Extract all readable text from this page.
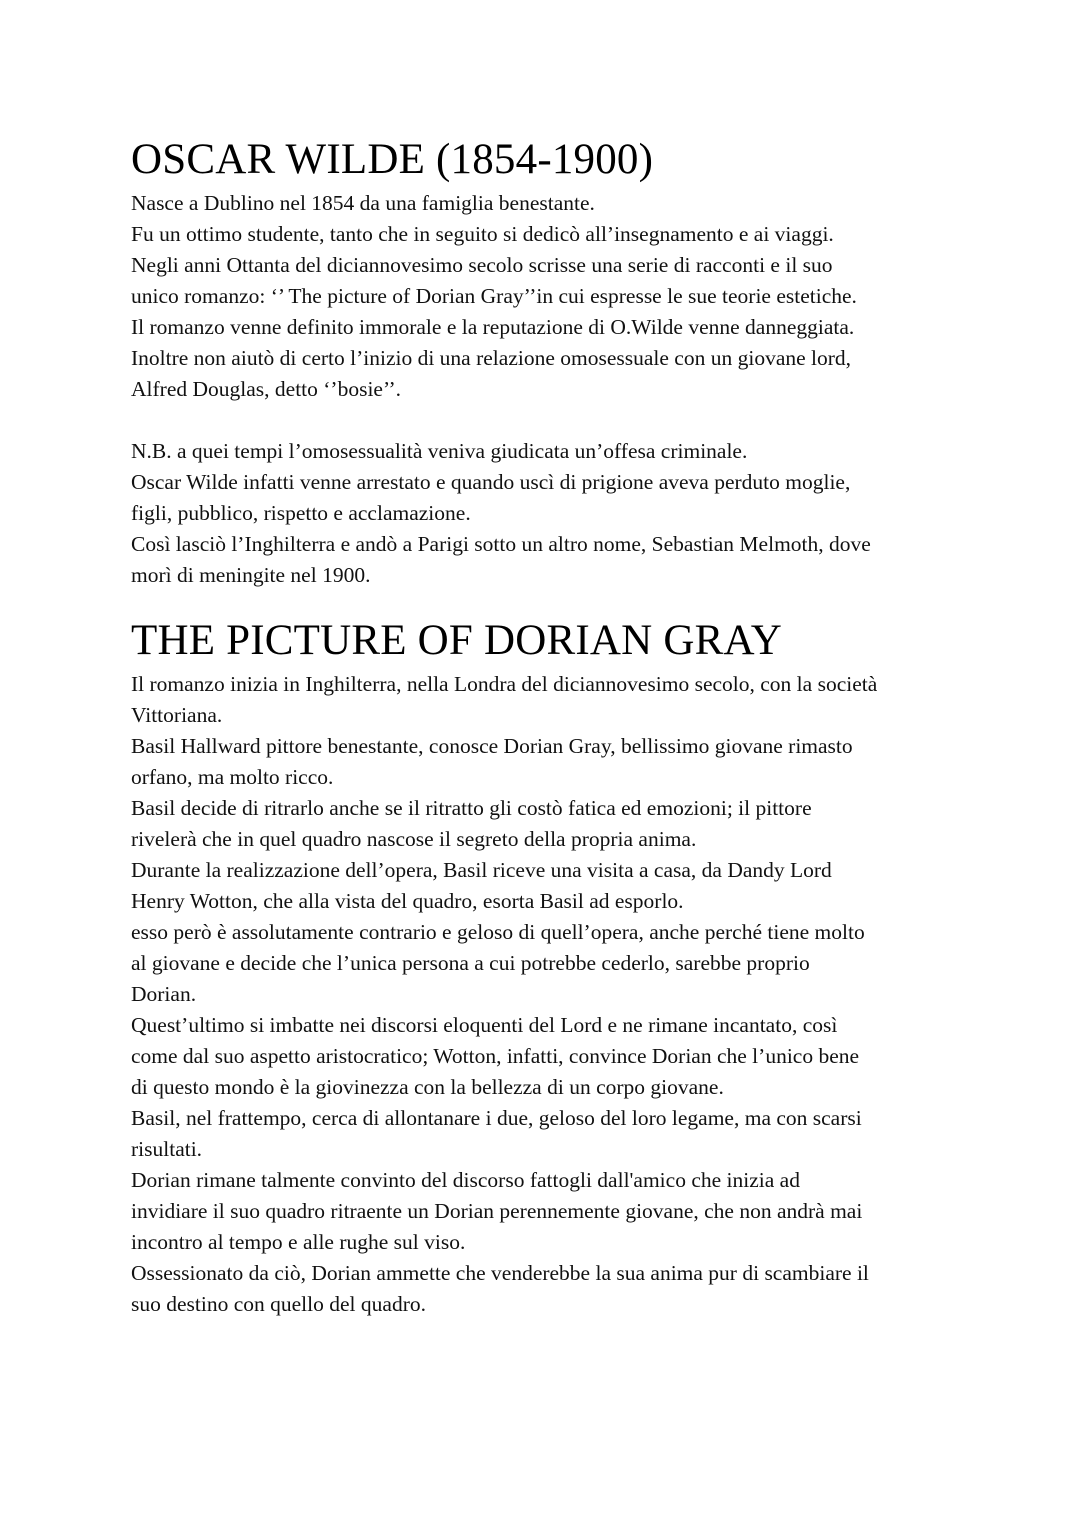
OSCAR WILDE (1854-1900)
Nasce a Dublino nel 1854 da una famiglia benestante.
Fu un ottimo studente, tanto che in seguito si dedicò all’insegnamento e ai viaggi.
Negli anni Ottanta del diciannovesimo secolo scrisse una serie di racconti e il suo
unico romanzo: ‘’ The picture of Dorian Gray’’in cui espresse le sue teorie estetiche.
Il romanzo venne definito immorale e la reputazione di O.Wilde venne danneggiata.
Inoltre non aiutò di certo l’inizio di una relazione omosessuale con un giovane lord,
Alfred Douglas, detto ‘’bosie’’.
N.B. a quei tempi l’omosessualità veniva giudicata un’offesa criminale.
Oscar Wilde infatti venne arrestato e quando uscì di prigione aveva perduto moglie,
figli, pubblico, rispetto e acclamazione.
Così lasciò l’Inghilterra e andò a Parigi sotto un altro nome, Sebastian Melmoth, dove
morì di meningite nel 1900.
THE PICTURE OF DORIAN GRAY
Il romanzo inizia in Inghilterra, nella Londra del diciannovesimo secolo, con la società
Vittoriana.
Basil Hallward pittore benestante, conosce Dorian Gray, bellissimo giovane rimasto
orfano, ma molto ricco.
Basil decide di ritrarlo anche se il ritratto gli costò fatica ed emozioni; il pittore
rivelerà che in quel quadro nascose il segreto della propria anima.
Durante la realizzazione dell’opera, Basil riceve una visita a casa, da Dandy Lord
Henry Wotton, che alla vista del quadro, esorta Basil ad esporlo.
esso però è assolutamente contrario e geloso di quell’opera, anche perché tiene molto
al giovane e decide che l’unica persona a cui potrebbe cederlo, sarebbe proprio
Dorian.
Quest’ultimo si imbatte nei discorsi eloquenti del Lord e ne rimane incantato, così
come dal suo aspetto aristocratico; Wotton, infatti, convince Dorian che l’unico bene
di questo mondo è la giovinezza con la bellezza di un corpo giovane.
Basil, nel frattempo, cerca di allontanare i due, geloso del loro legame, ma con scarsi
risultati.
Dorian rimane talmente convinto del discorso fattogli dall'amico che inizia ad
invidiare il suo quadro ritraente un Dorian perennemente giovane, che non andrà mai
incontro al tempo e alle rughe sul viso.
Ossessionato da ciò, Dorian ammette che venderebbe la sua anima pur di scambiare il
suo destino con quello del quadro.
